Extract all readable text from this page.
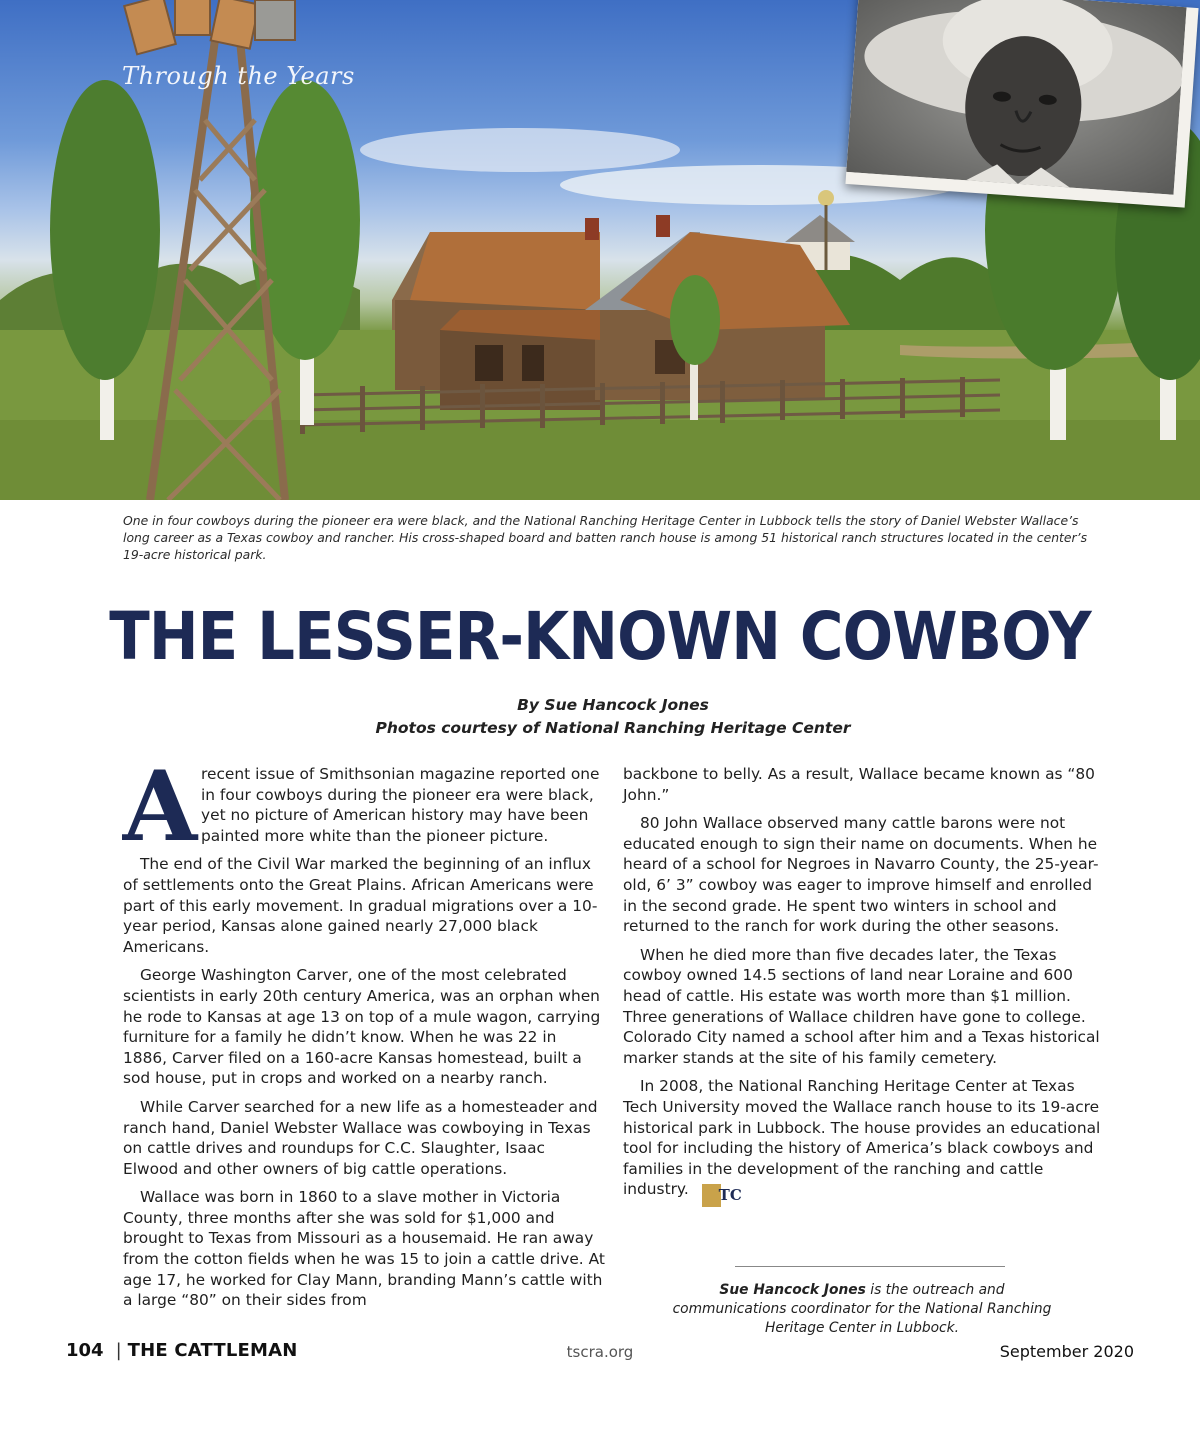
Through the Years

One in four cowboys during the pioneer era were black, and the National Ranching Heritage Center in Lubbock tells the story of Daniel Webster Wallace’s long career as a Texas cowboy and rancher. His cross-shaped board and batten ranch house is among 51 historical ranch structures located in the center’s 19-acre historical park.

THE LESSER-KNOWN COWBOY
By Sue Hancock Jones
Photos courtesy of National Ranching Heritage Center

A recent issue of Smithsonian magazine reported one in four cowboys during the pioneer era were black, yet no picture of American history may have been painted more white than the pioneer picture.

The end of the Civil War marked the beginning of an influx of settlements onto the Great Plains. African Americans were part of this early movement. In gradual migrations over a 10-year period, Kansas alone gained nearly 27,000 black Americans.

George Washington Carver, one of the most celebrated scientists in early 20th century America, was an orphan when he rode to Kansas at age 13 on top of a mule wagon, carrying furniture for a family he didn’t know. When he was 22 in 1886, Carver filed on a 160-acre Kansas homestead, built a sod house, put in crops and worked on a nearby ranch.

While Carver searched for a new life as a homesteader and ranch hand, Daniel Webster Wallace was cowboying in Texas on cattle drives and roundups for C.C. Slaughter, Isaac Elwood and other owners of big cattle operations.

Wallace was born in 1860 to a slave mother in Victoria County, three months after she was sold for $1,000 and brought to Texas from Missouri as a housemaid. He ran away from the cotton fields when he was 15 to join a cattle drive. At age 17, he worked for Clay Mann, branding Mann’s cattle with a large “80” on their sides from

backbone to belly. As a result, Wallace became known as “80 John.”

80 John Wallace observed many cattle barons were not educated enough to sign their name on documents. When he heard of a school for Negroes in Navarro County, the 25-year-old, 6’ 3” cowboy was eager to improve himself and enrolled in the second grade. He spent two winters in school and returned to the ranch for work during the other seasons.

When he died more than five decades later, the Texas cowboy owned 14.5 sections of land near Loraine and 600 head of cattle. His estate was worth more than $1 million. Three generations of Wallace children have gone to college. Colorado City named a school after him and a Texas historical marker stands at the site of his family cemetery.

In 2008, the National Ranching Heritage Center at Texas Tech University moved the Wallace ranch house to its 19-acre historical park in Lubbock. The house provides an educational tool for including the history of America’s black cowboys and families in the development of the ranching and cattle industry. TC

Sue Hancock Jones is the outreach and communications coordinator for the National Ranching Heritage Center in Lubbock.
104 | THE CATTLEMAN	tscra.org	September 2020
